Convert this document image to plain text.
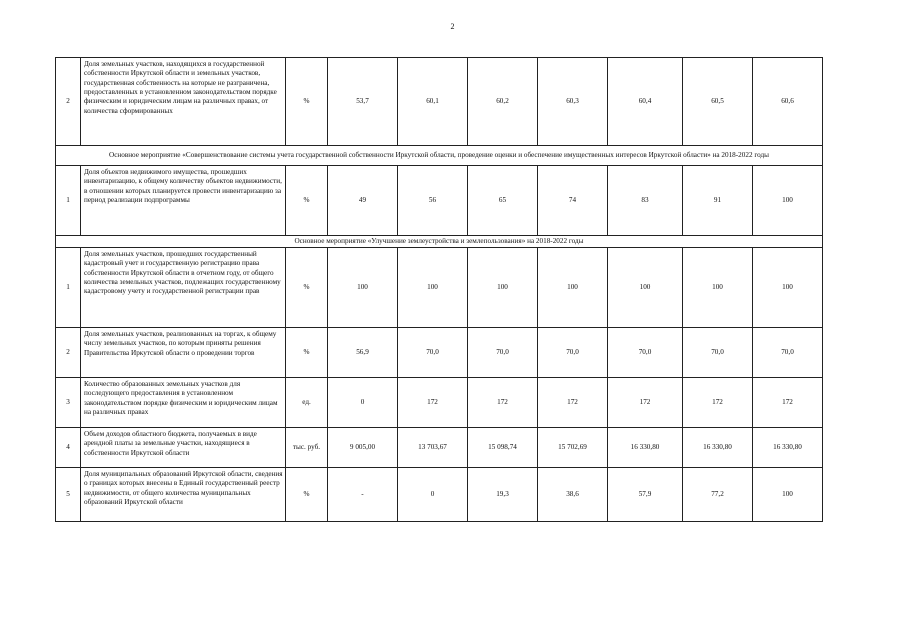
2
2	Доля земельных участков, находящихся в государственной собственности Иркутской области и земельных участков, государственная собственность на которые не разграничена, предоставленных в установленном законодательством порядке физическим и юридическим лицам на различных правах, от количества сформированных	%	53,7	60,1	60,2	60,3	60,4	60,5	60,6
Основное мероприятие «Совершенствование системы учета государственной собственности Иркутской области, проведение оценки и обеспечение имущественных интересов Иркутской области» на 2018-2022 годы									
1	Доля объектов недвижимого имущества, прошедших инвентаризацию, к общему количеству объектов недвижимости, в отношении которых планируется провести инвентаризацию за период реализации подпрограммы	%	49	56	65	74	83	91	100
Основное мероприятие «Улучшение землеустройства и землепользования» на 2018-2022 годы									
1	Доля земельных участков, прошедших государственный кадастровый учет и государственную регистрацию права собственности Иркутской области в отчетном году, от общего количества земельных участков, подлежащих государственному кадастровому учету и государственной регистрации прав	%	100	100	100	100	100	100	100
2	Доля земельных участков, реализованных на торгах, к общему числу земельных участков, по которым приняты решения Правительства Иркутской области о проведении торгов	%	56,9	70,0	70,0	70,0	70,0	70,0	70,0
3	Количество образованных земельных участков для последующего предоставления в установленном законодательством порядке физическим и юридическим лицам на различных правах	ед.	0	172	172	172	172	172	172
4	Объем доходов областного бюджета, получаемых в виде арендной платы за земельные участки, находящиеся в собственности Иркутской области	тыс. руб.	9 005,00	13 703,67	15 098,74	15 702,69	16 330,80	16 330,80	16 330,80
5	Доля муниципальных образований Иркутской области, сведения о границах которых внесены в Единый государственный реестр недвижимости, от общего количества муниципальных образований Иркутской области	%	-	0	19,3	38,6	57,9	77,2	100
